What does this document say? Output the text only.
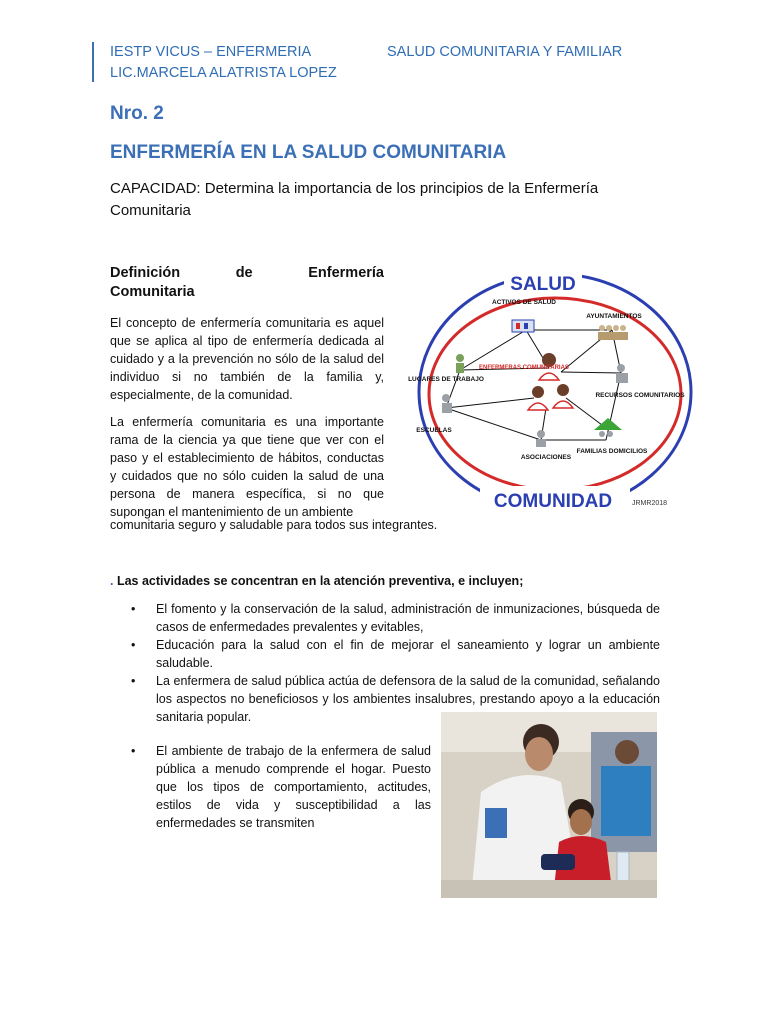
IESTP VICUS – ENFERMERIA
LIC.MARCELA ALATRISTA LOPEZ
SALUD COMUNITARIA Y FAMILIAR
Nro. 2
ENFERMERÍA EN LA SALUD COMUNITARIA
CAPACIDAD: Determina la importancia de los principios de la Enfermería Comunitaria
Definición de Enfermería
Comunitaria
El concepto de enfermería comunitaria es aquel que se aplica al tipo de enfermería dedicada al cuidado y a la prevención no sólo de la salud del individuo si no también de la familia y, especialmente, de la comunidad.
La enfermería comunitaria es una importante rama de la ciencia ya que tiene que ver con el paso y el establecimiento de hábitos, conductas y cuidados que no sólo cuiden la salud de una persona de manera específica, si no que supongan el mantenimiento de un ambiente
comunitaria seguro y saludable para todos sus integrantes.
SALUD
COMUNIDAD	JRMR2018
ACTIVOS DE SALUD
AYUNTAMIENTOS
LUGARES DE TRABAJO
RECURSOS COMUNITARIOS
ESCUELAS
ASOCIACIONES
FAMILIAS DOMICILIOS
ENFERMERAS COMUNITARIAS
. Las actividades se concentran en la atención preventiva, e incluyen;
• El fomento y la conservación de la salud, administración de inmunizaciones, búsqueda de casos de enfermedades prevalentes y evitables,
• Educación para la salud con el fin de mejorar el saneamiento y lograr un ambiente saludable.
• La enfermera de salud pública actúa de defensora de la salud de la comunidad, señalando los aspectos no beneficiosos y los ambientes insalubres, prestando apoyo a la educación sanitaria popular.
• El ambiente de trabajo de la enfermera de salud pública a menudo comprende el hogar. Puesto que los tipos de comportamiento, actitudes, estilos de vida y susceptibilidad a las enfermedades se transmiten
